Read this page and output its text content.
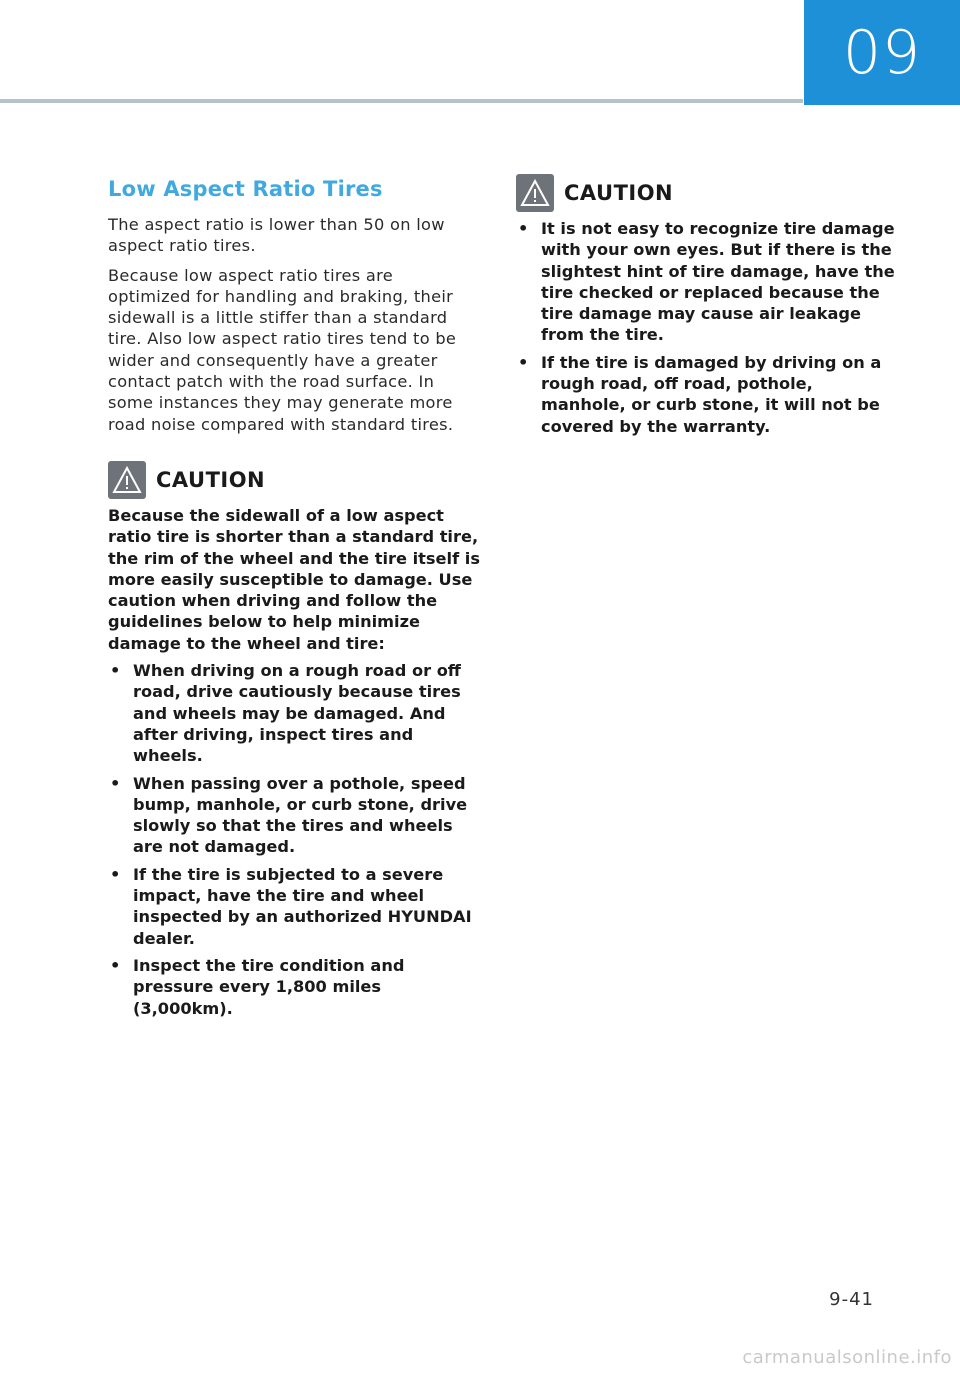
09
Low Aspect Ratio Tires

The aspect ratio is lower than 50 on low aspect ratio tires.

Because low aspect ratio tires are optimized for handling and braking, their sidewall is a little stiffer than a standard tire. Also low aspect ratio tires tend to be wider and consequently have a greater contact patch with the road surface. In some instances they may generate more road noise compared with standard tires.

CAUTION

Because the sidewall of a low aspect ratio tire is shorter than a standard tire, the rim of the wheel and the tire itself is more easily susceptible to damage. Use caution when driving and follow the guidelines below to help minimize damage to the wheel and tire:

• When driving on a rough road or off road, drive cautiously because tires and wheels may be damaged. And after driving, inspect tires and wheels.
• When passing over a pothole, speed bump, manhole, or curb stone, drive slowly so that the tires and wheels are not damaged.
• If the tire is subjected to a severe impact, have the tire and wheel inspected by an authorized HYUNDAI dealer.
• Inspect the tire condition and pressure every 1,800 miles (3,000km).
CAUTION
• It is not easy to recognize tire damage with your own eyes. But if there is the slightest hint of tire damage, have the tire checked or replaced because the tire damage may cause air leakage from the tire.
• If the tire is damaged by driving on a rough road, off road, pothole, manhole, or curb stone, it will not be covered by the warranty.
9-41
carmanualsonline.info
